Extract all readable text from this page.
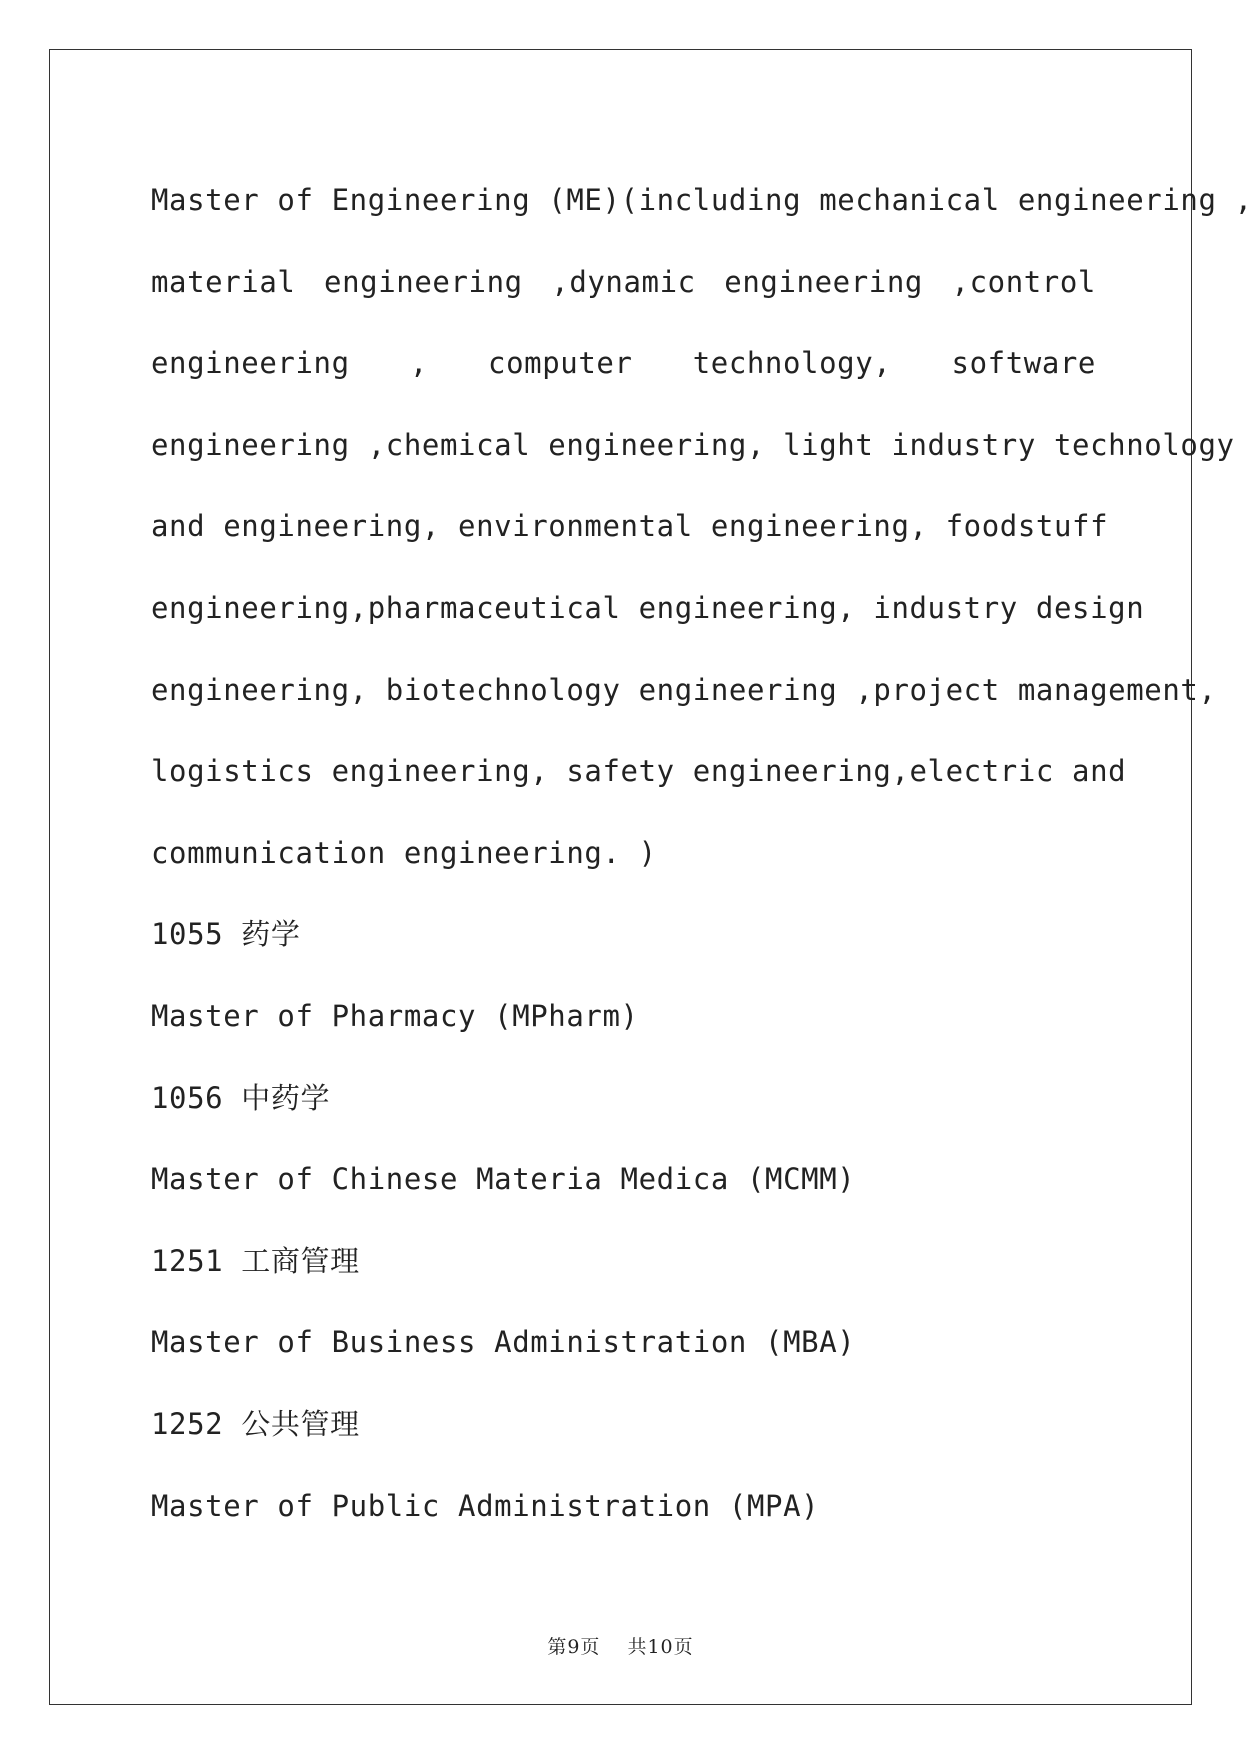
Master of Engineering (ME)(including mechanical engineering ,
material engineering ,dynamic engineering ,control
engineering , computer technology, software
engineering ,chemical engineering, light industry technology
and engineering, environmental engineering, foodstuff
engineering,pharmaceutical engineering, industry design
engineering, biotechnology engineering ,project management,
logistics engineering, safety engineering,electric and
communication engineering. )
1055 药学
Master of Pharmacy (MPharm)
1056 中药学
Master of Chinese Materia Medica (MCMM)
1251 工商管理
Master of Business Administration (MBA)
1252 公共管理
Master of Public Administration (MPA)
第9页 共10页
